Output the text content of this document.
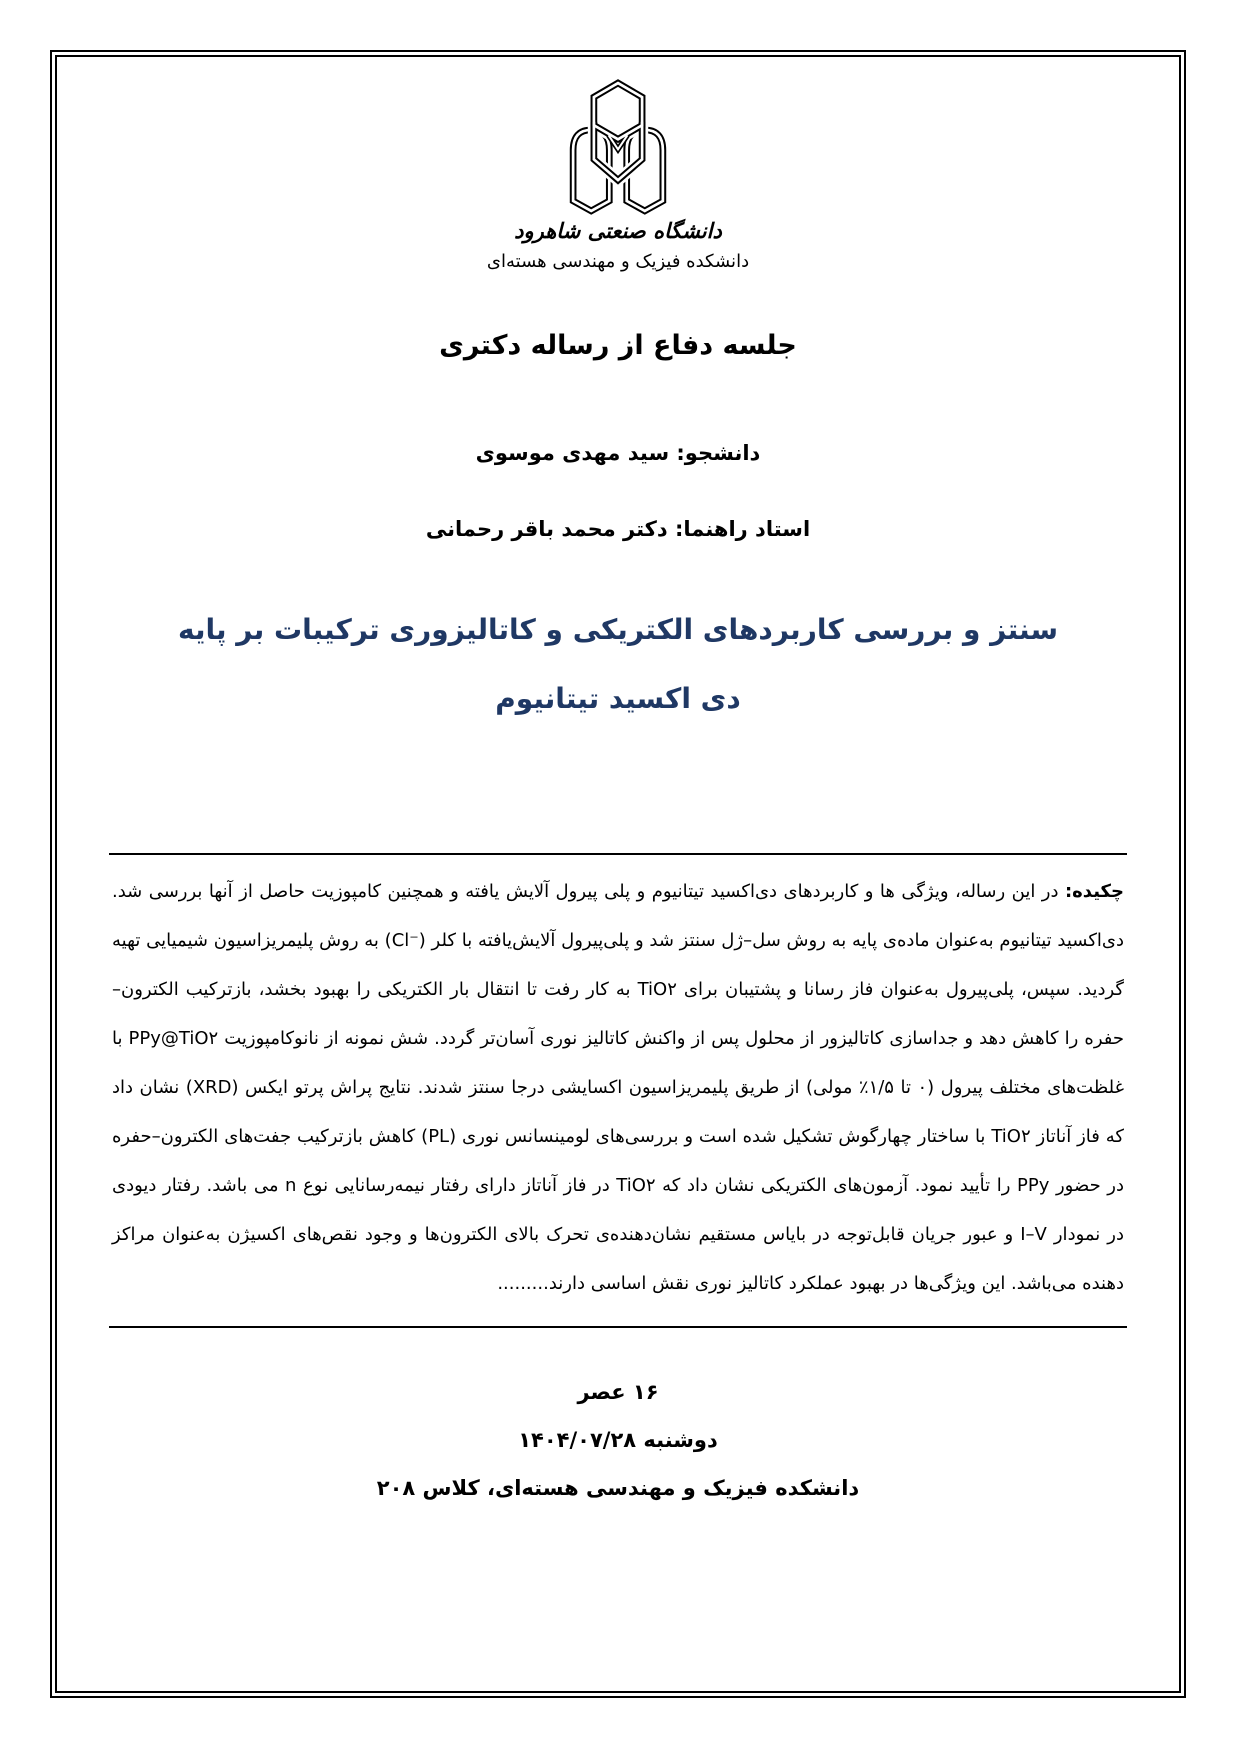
دانشگاه صنعتی شاهرود
دانشکده فیزیک و مهندسی هسته‌ای
جلسه دفاع از رساله دکتری
دانشجو: سید مهدی موسوی
استاد راهنما: دکتر محمد باقر رحمانی
سنتز و بررسی کاربردهای الکتریکی و کاتالیزوری ترکیبات بر پایه
دی اکسید تیتانیوم

چکیده: در این رساله، ویژگی ها و کاربردهای دی‌اکسید تیتانیوم و پلی پیرول آلایش یافته و همچنین کامپوزیت حاصل از آنها بررسی شد. دی‌اکسید تیتانیوم به‌عنوان ماده‌ی پایه به روش سل–ژل سنتز شد و پلی‌پیرول آلایش‌یافته با کلر ‎(Cl⁻)‎ به روش پلیمریزاسیون شیمیایی تهیه گردید. سپس، پلی‌پیرول به‌عنوان فاز رسانا و پشتیبان برای TiO۲ به کار رفت تا انتقال بار الکتریکی را بهبود بخشد، بازترکیب الکترون–حفره را کاهش دهد و جداسازی کاتالیزور از محلول پس از واکنش کاتالیز نوری آسان‌تر گردد. شش نمونه از نانوکامپوزیت PPy@TiO۲ با غلظت‌های مختلف پیرول (۰ تا ۱/۵٪ مولی) از طریق پلیمریزاسیون اکسایشی درجا سنتز شدند. نتایج پراش پرتو ایکس (XRD) نشان داد که فاز آناتاز TiO۲ با ساختار چهارگوش تشکیل شده است و بررسی‌های لومینسانس نوری (PL) کاهش بازترکیب جفت‌های الکترون–حفره در حضور PPy را تأیید نمود. آزمون‌های الکتریکی نشان داد که TiO۲ در فاز آناتاز دارای رفتار نیمه‌رسانایی نوع n می باشد. رفتار دیودی در نمودار I–V و عبور جریان قابل‌توجه در بایاس مستقیم نشان‌دهنده‌ی تحرک بالای الکترون‌ها و وجود نقص‌های اکسیژن به‌عنوان مراکز دهنده می‌باشد. این ویژگی‌ها در بهبود عملکرد کاتالیز نوری نقش اساسی دارند.........

۱۶ عصر
دوشنبه ۱۴۰۴/۰۷/۲۸
دانشکده فیزیک و مهندسی هسته‌ای، کلاس ۲۰۸
